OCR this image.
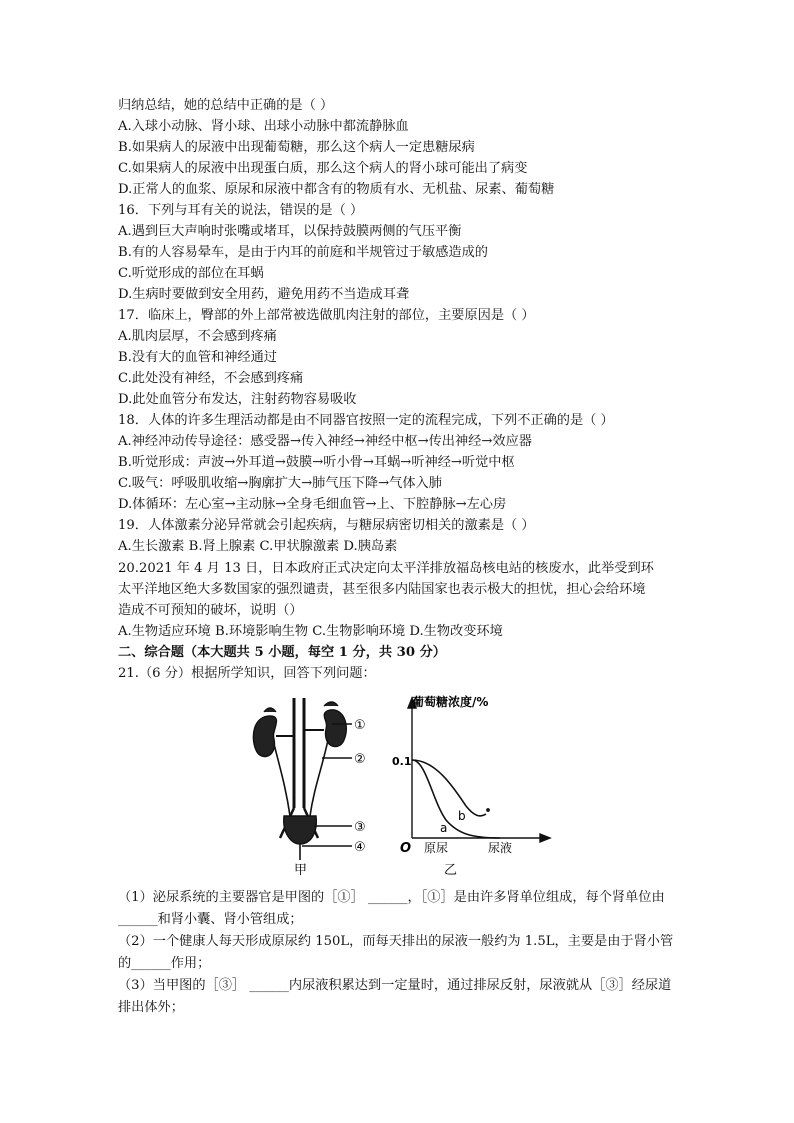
归纳总结，她的总结中正确的是（ ）
A.入球小动脉、肾小球、出球小动脉中都流静脉血
B.如果病人的尿液中出现葡萄糖，那么这个病人一定患糖尿病
C.如果病人的尿液中出现蛋白质，那么这个病人的肾小球可能出了病变
D.正常人的血浆、原尿和尿液中都含有的物质有水、无机盐、尿素、葡萄糖
16．下列与耳有关的说法，错误的是（ ）
A.遇到巨大声响时张嘴或堵耳，以保持鼓膜两侧的气压平衡
B.有的人容易晕车，是由于内耳的前庭和半规管过于敏感造成的
C.听觉形成的部位在耳蜗
D.生病时要做到安全用药，避免用药不当造成耳聋
17．临床上，臀部的外上部常被选做肌肉注射的部位，主要原因是（ ）
A.肌肉层厚，不会感到疼痛
B.没有大的血管和神经通过
C.此处没有神经，不会感到疼痛
D.此处血管分布发达，注射药物容易吸收
18．人体的许多生理活动都是由不同器官按照一定的流程完成，下列不正确的是（ ）
A.神经冲动传导途径：感受器→传入神经→神经中枢→传出神经→效应器
B.听觉形成：声波→外耳道→鼓膜→听小骨→耳蜗→听神经→听觉中枢
C.吸气：呼吸肌收缩→胸廓扩大→肺气压下降→气体入肺
D.体循环：左心室→主动脉→全身毛细血管→上、下腔静脉→左心房
19．人体激素分泌异常就会引起疾病，与糖尿病密切相关的激素是（ ）
A.生长激素 B.肾上腺素 C.甲状腺激素 D.胰岛素
20.2021 年 4 月 13 日，日本政府正式决定向太平洋排放福岛核电站的核废水，此举受到环
太平洋地区绝大多数国家的强烈谴责，甚至很多内陆国家也表示极大的担忧，担心会给环境
造成不可预知的破坏，说明（）
A.生物适应环境 B.环境影响生物 C.生物影响环境 D.生物改变环境
二、综合题（本大题共 5 小题，每空 1 分，共 30 分）
21.（6 分）根据所学知识，回答下列问题：
①
②
③
④
甲
葡萄糖浓度/%
0.1
O 原尿	尿液
a
b
乙
（1）泌尿系统的主要器官是甲图的［①］ ______，［①］是由许多肾单位组成，每个肾单位由______和肾小囊、肾小管组成；
（2）一个健康人每天形成原尿约 150L，而每天排出的尿液一般约为 1.5L，主要是由于肾小管的______作用；
（3）当甲图的［③］ ______内尿液积累达到一定量时，通过排尿反射，尿液就从［③］经尿道排出体外；
